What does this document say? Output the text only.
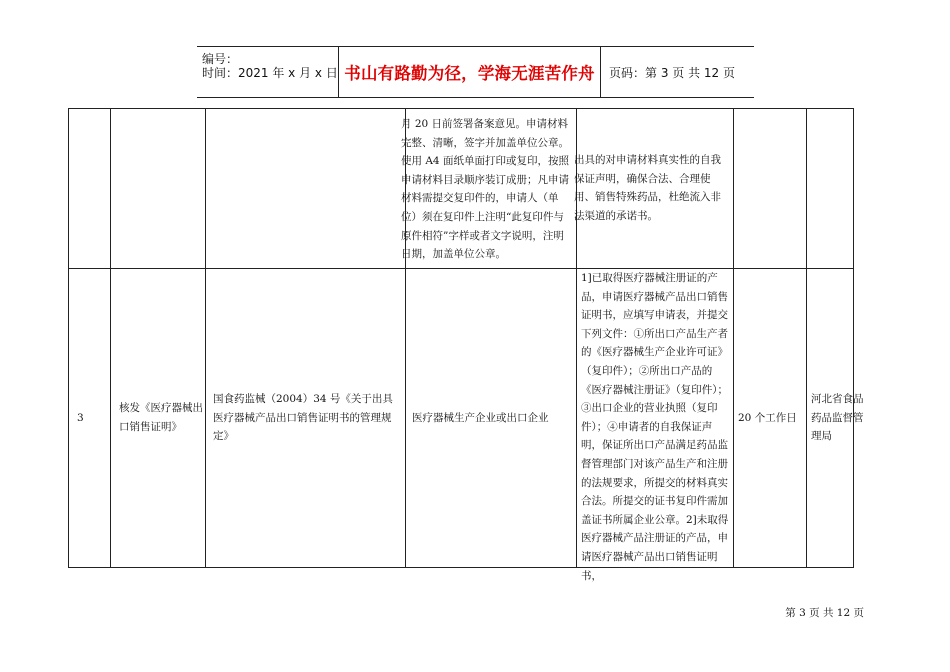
编号：
时间：2021 年 x 月 x 日 书山有路勤为径，学海无涯苦作舟 页码：第 3 页 共 12 页
月 20 日前签署备案意见。申请材料完整、清晰，签字并加盖单位公章。使用 A4 面纸单面打印或复印，按照申请材料目录顺序装订成册；凡申请材料需提交复印件的，申请人（单位）须在复印件上注明“此复印件与原件相符”字样或者文字说明，注明日期，加盖单位公章。
出具的对申请材料真实性的自我保证声明，确保合法、合理使用、销售特殊药品，杜绝流入非法渠道的承诺书。
3
核发《医疗器械出口销售证明》
国食药监械（2004）34 号《关于出具医疗器械产品出口销售证明书的管理规定》
医疗器械生产企业或出口企业
1]已取得医疗器械注册证的产品，申请医疗器械产品出口销售证明书，应填写申请表，并提交下列文件：①所出口产品生产者的《医疗器械生产企业许可证》（复印件）；②所出口产品的《医疗器械注册证》（复印件）；③出口企业的营业执照（复印件）；④申请者的自我保证声明，保证所出口产品满足药品监督管理部门对该产品生产和注册的法规要求，所提交的材料真实合法。所提交的证书复印件需加盖证书所属企业公章。2]未取得医疗器械产品注册证的产品，申请医疗器械产品出口销售证明书，
20 个工作日
河北省食品药品监督管理局
第 3 页 共 12 页
